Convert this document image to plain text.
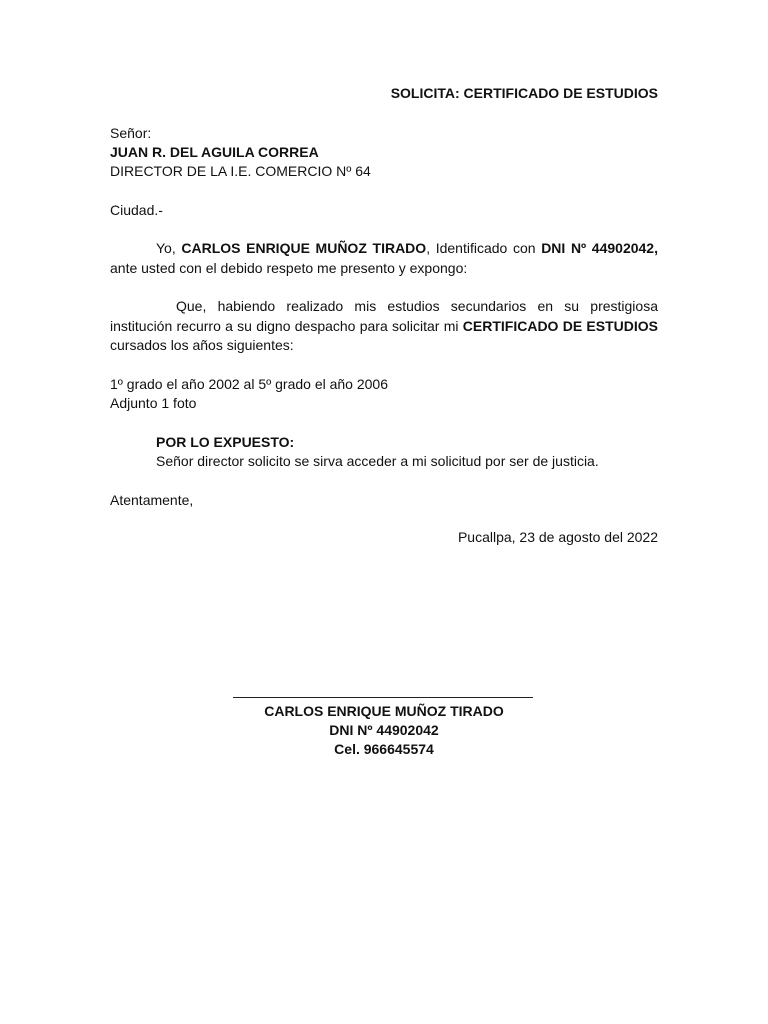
SOLICITA: CERTIFICADO DE ESTUDIOS
Señor:
JUAN R. DEL AGUILA CORREA
DIRECTOR DE LA I.E. COMERCIO Nº 64
Ciudad.-
Yo, CARLOS ENRIQUE MUÑOZ TIRADO, Identificado con DNI Nº 44902042, ante usted con el debido respeto me presento y expongo:
Que, habiendo realizado mis estudios secundarios en su prestigiosa institución recurro a su digno despacho para solicitar mi CERTIFICADO DE ESTUDIOS cursados los años siguientes:
1º grado el año 2002 al 5º grado el año 2006
Adjunto 1 foto
POR LO EXPUESTO:
Señor director solicito se sirva acceder a mi solicitud por ser de justicia.
Atentamente,
Pucallpa, 23 de agosto del 2022
CARLOS ENRIQUE MUÑOZ TIRADO
DNI Nº 44902042
Cel. 966645574
